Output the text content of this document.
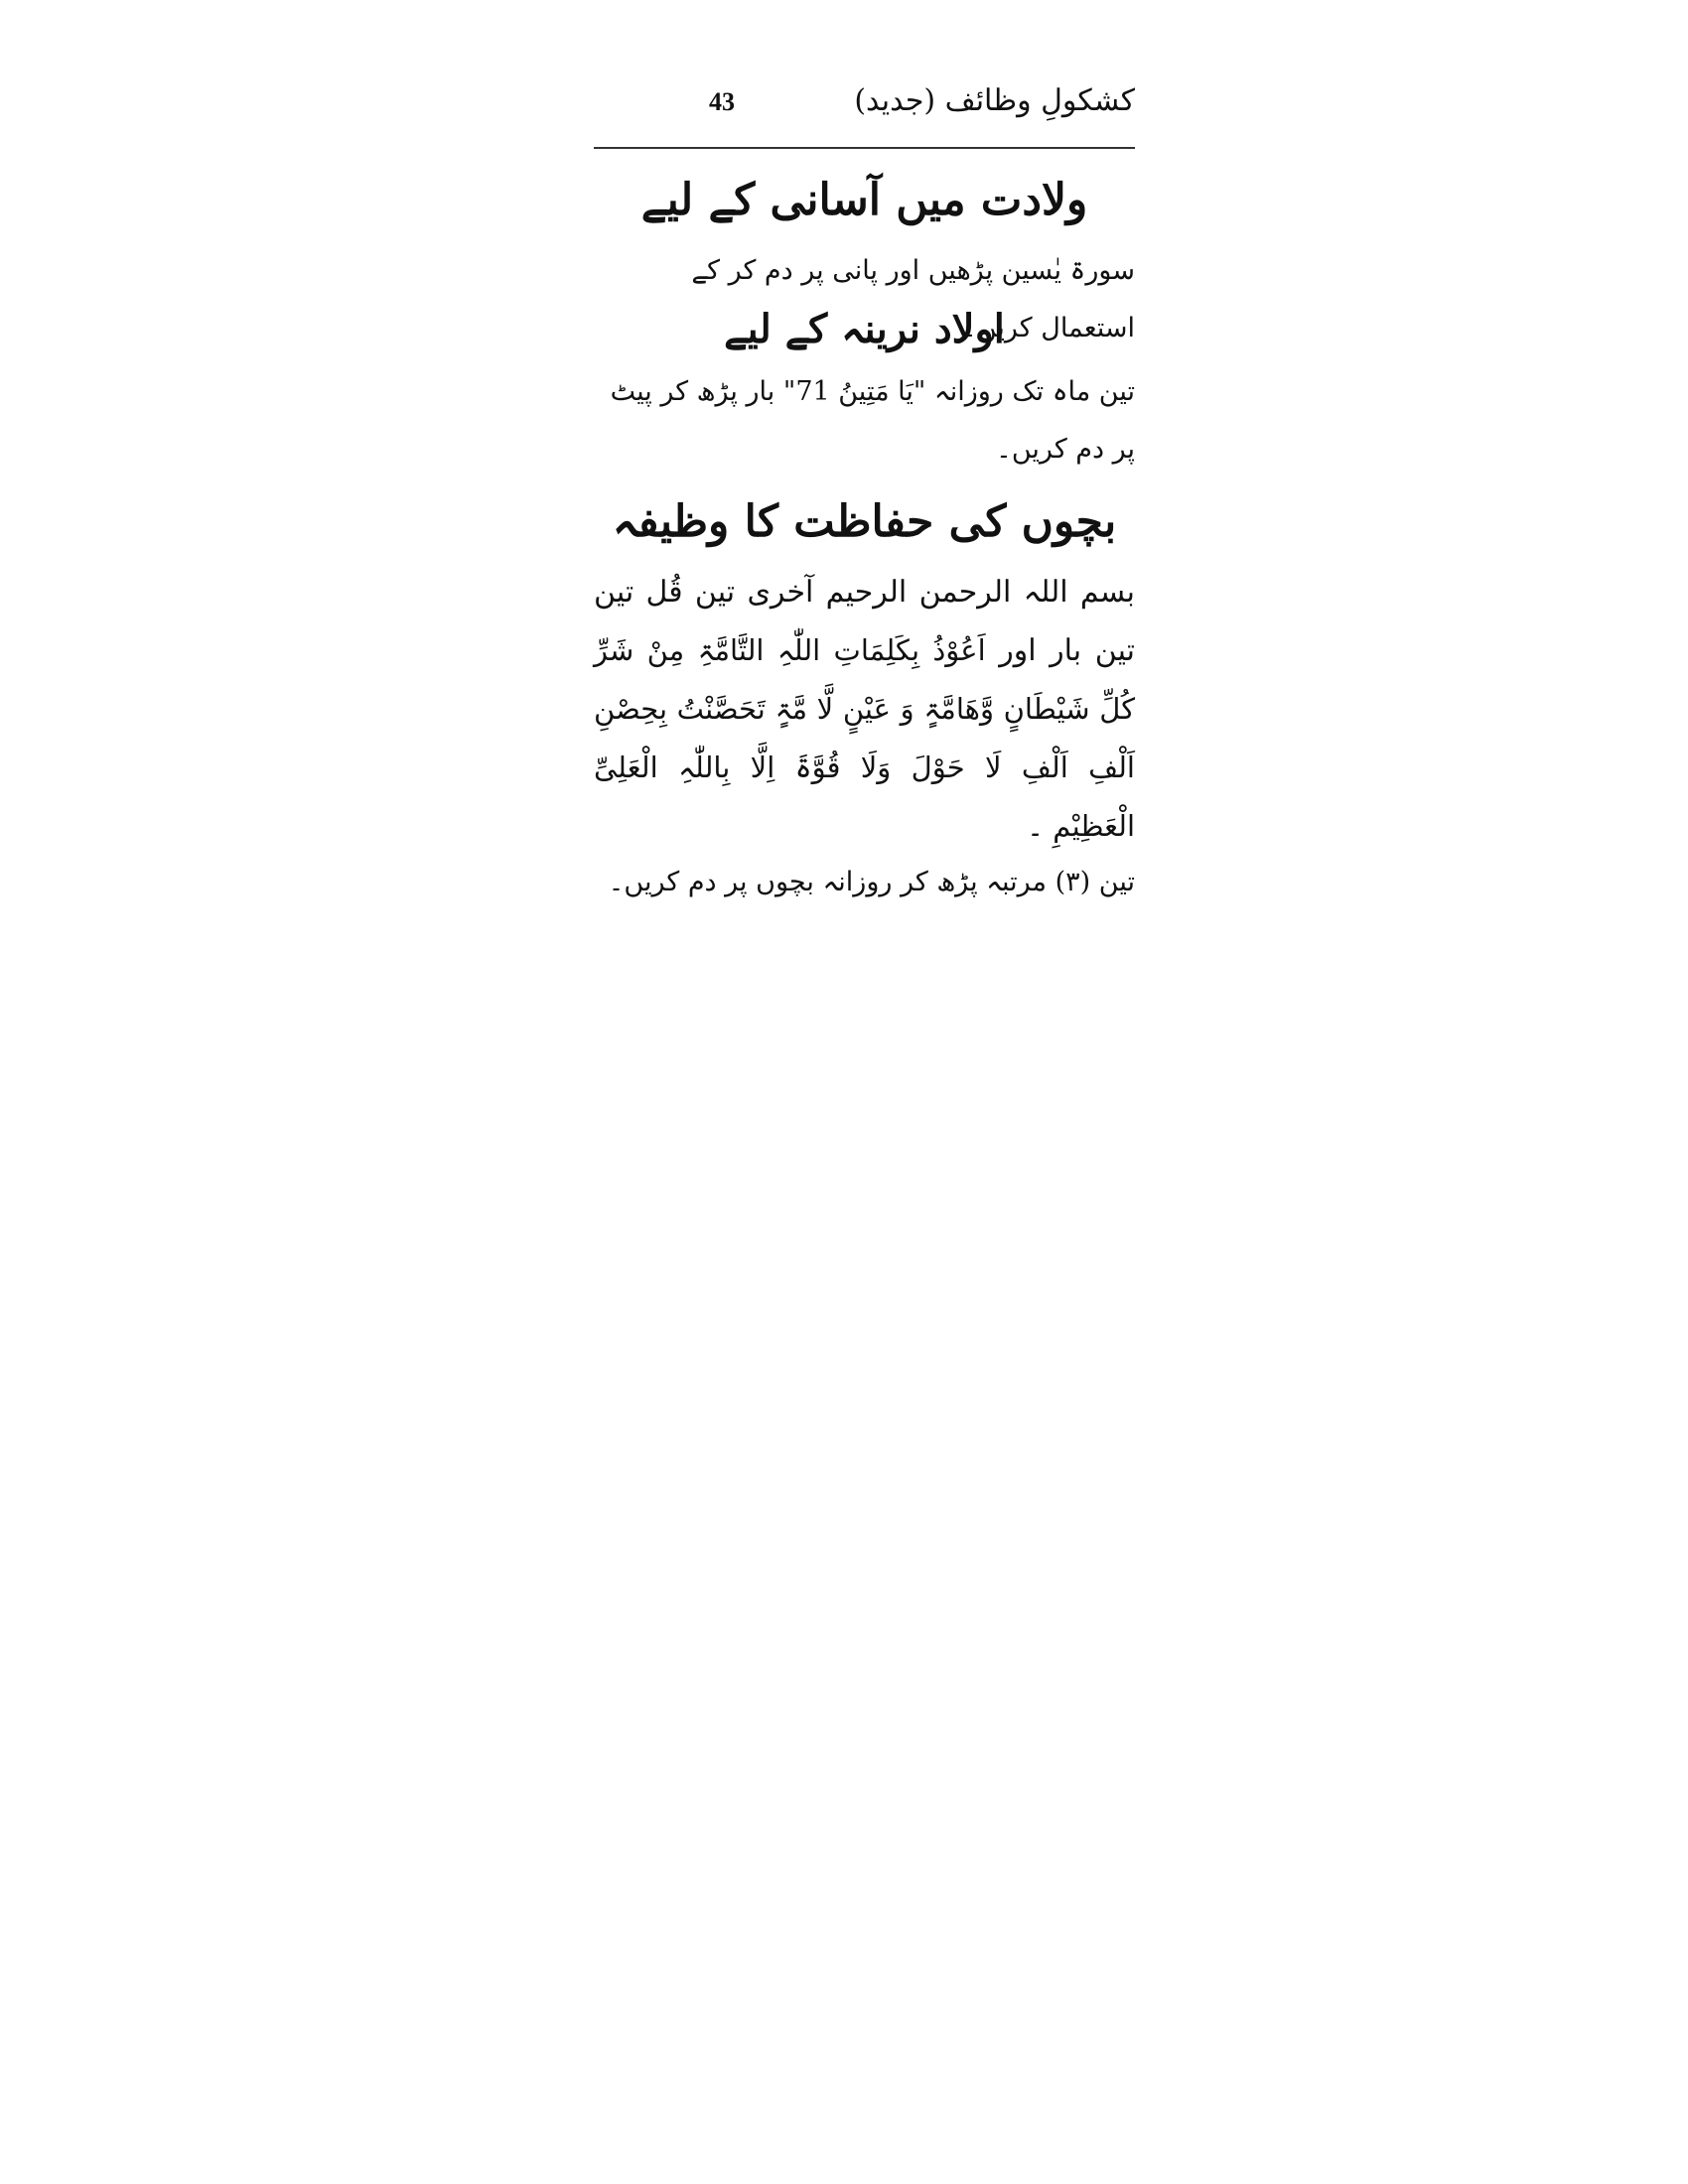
کشکولِ وظائف (جدید)
43
ولادت میں آسانی کے لیے

سورۃ یٰسین پڑھیں اور پانی پر دم کر کے استعمال کریں۔

اولاد نرینہ کے لیے

تین ماہ تک روزانہ "یَا مَتِینُ 71" بار پڑھ کر پیٹ پر دم کریں۔

بچوں کی حفاظت کا وظیفہ

بسم اللہ الرحمن الرحیم آخری تین قُل تین تین بار اور اَعُوْذُ بِکَلِمَاتِ اللّٰہِ التَّامَّۃِ مِنْ شَرِّ کُلِّ شَیْطَانٍ وَّھَامَّۃٍ وَ عَیْنٍ لَّا مَّۃٍ تَحَصَّنْتُ بِحِصْنِ اَلْفِ اَلْفِ لَا حَوْلَ وَلَا قُوَّۃَ اِلَّا بِاللّٰہِ الْعَلِیِّ الْعَظِیْمِ ۔

تین (۳) مرتبہ پڑھ کر روزانہ بچوں پر دم کریں۔
